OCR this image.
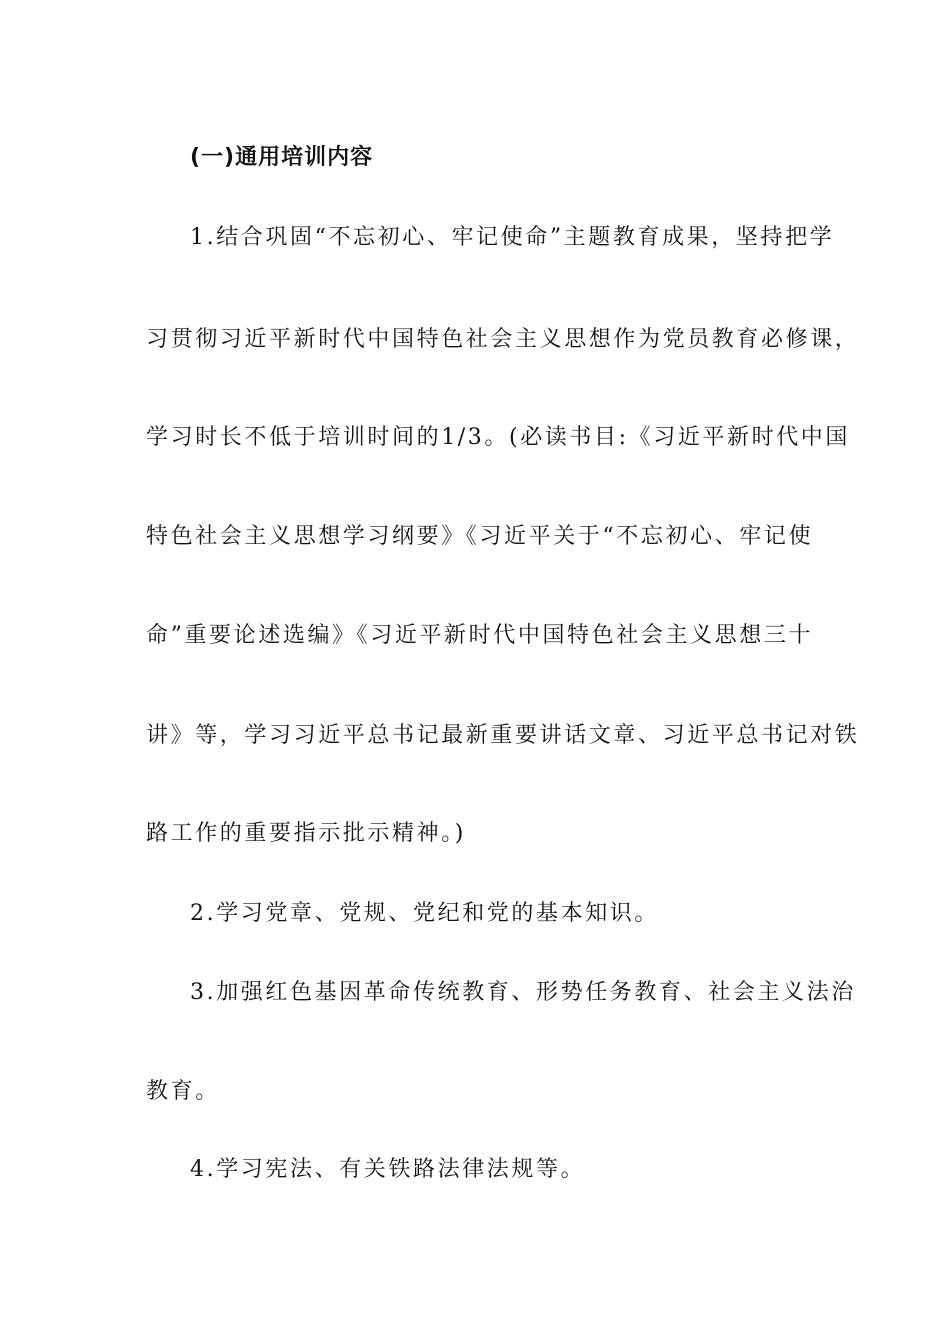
(一)通用培训内容
1.结合巩固“不忘初心、牢记使命”主题教育成果，坚持把学
习贯彻习近平新时代中国特色社会主义思想作为党员教育必修课，
学习时长不低于培训时间的1/3。(必读书目:《习近平新时代中国
特色社会主义思想学习纲要》《习近平关于“不忘初心、牢记使
命”重要论述选编》《习近平新时代中国特色社会主义思想三十
讲》等，学习习近平总书记最新重要讲话文章、习近平总书记对铁
路工作的重要指示批示精神。)
2.学习党章、党规、党纪和党的基本知识。
3.加强红色基因革命传统教育、形势任务教育、社会主义法治
教育。
4.学习宪法、有关铁路法律法规等。
